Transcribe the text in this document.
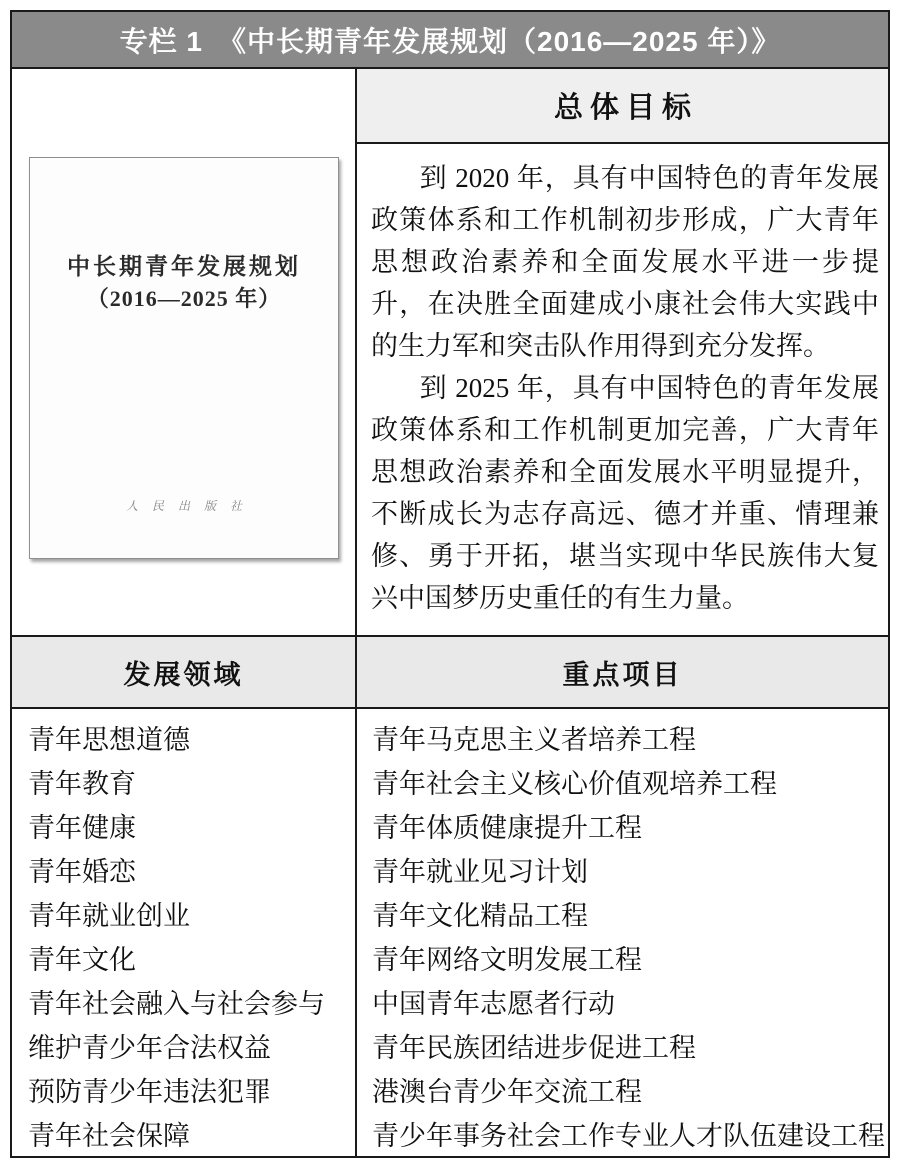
专栏 1　《中长期青年发展规划（2016—2025 年）》
中长期青年发展规划
（2016—2025 年）
人民出版社
总体目标

到 2020 年，具有中国特色的青年发展政策体系和工作机制初步形成，广大青年思想政治素养和全面发展水平进一步提升，在决胜全面建成小康社会伟大实践中的生力军和突击队作用得到充分发挥。

到 2025 年，具有中国特色的青年发展政策体系和工作机制更加完善，广大青年思想政治素养和全面发展水平明显提升，不断成长为志存高远、德才并重、情理兼修、勇于开拓，堪当实现中华民族伟大复兴中国梦历史重任的有生力量。

发展领域	重点项目
青年思想道德
青年教育
青年健康
青年婚恋
青年就业创业
青年文化
青年社会融入与社会参与
维护青少年合法权益
预防青少年违法犯罪
青年社会保障
青年马克思主义者培养工程
青年社会主义核心价值观培养工程
青年体质健康提升工程
青年就业见习计划
青年文化精品工程
青年网络文明发展工程
中国青年志愿者行动
青年民族团结进步促进工程
港澳台青少年交流工程
青少年事务社会工作专业人才队伍建设工程
